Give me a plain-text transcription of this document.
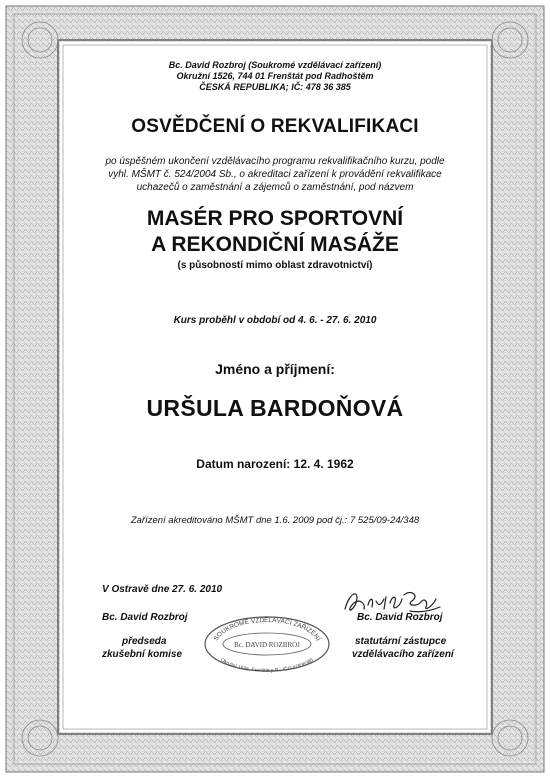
Bc. David Rozbroj (Soukromé vzdělávací zařízení)
Okružní 1526, 744 01 Frenštát pod Radhoštěm
ČESKÁ REPUBLIKA; IČ: 478 36 385
OSVĚDČENÍ O REKVALIFIKACI
po úspěšném ukončení vzdělávacího programu rekvalifikačního kurzu, podle
vyhl. MŠMT č. 524/2004 Sb., o akreditaci zařízení k provádění rekvalifikace
uchazečů o zaměstnání a zájemců o zaměstnání, pod názvem
MASÉR PRO SPORTOVNÍ
A REKONDIČNÍ MASÁŽE
(s působností mimo oblast zdravotnictví)
Kurs proběhl v období od 4. 6. - 27. 6. 2010
Jméno a příjmení:
URŠULA BARDOŇOVÁ
Datum narození: 12. 4. 1962
Zařízení akreditováno MŠMT dne 1.6. 2009 pod čj.: 7 525/09-24/348
V Ostravě dne 27. 6. 2010
Bc. David Rozbroj
předseda
zkušební komise
Bc. David Rozbroj
statutární zástupce
vzdělávacího zařízení
SOUKROMÉ VZDĚLÁVACÍ ZAŘÍZENÍ
Bc. DAVID ROZBROJ
Okružní 1526, Frenštát p.R., IČO:47836385
